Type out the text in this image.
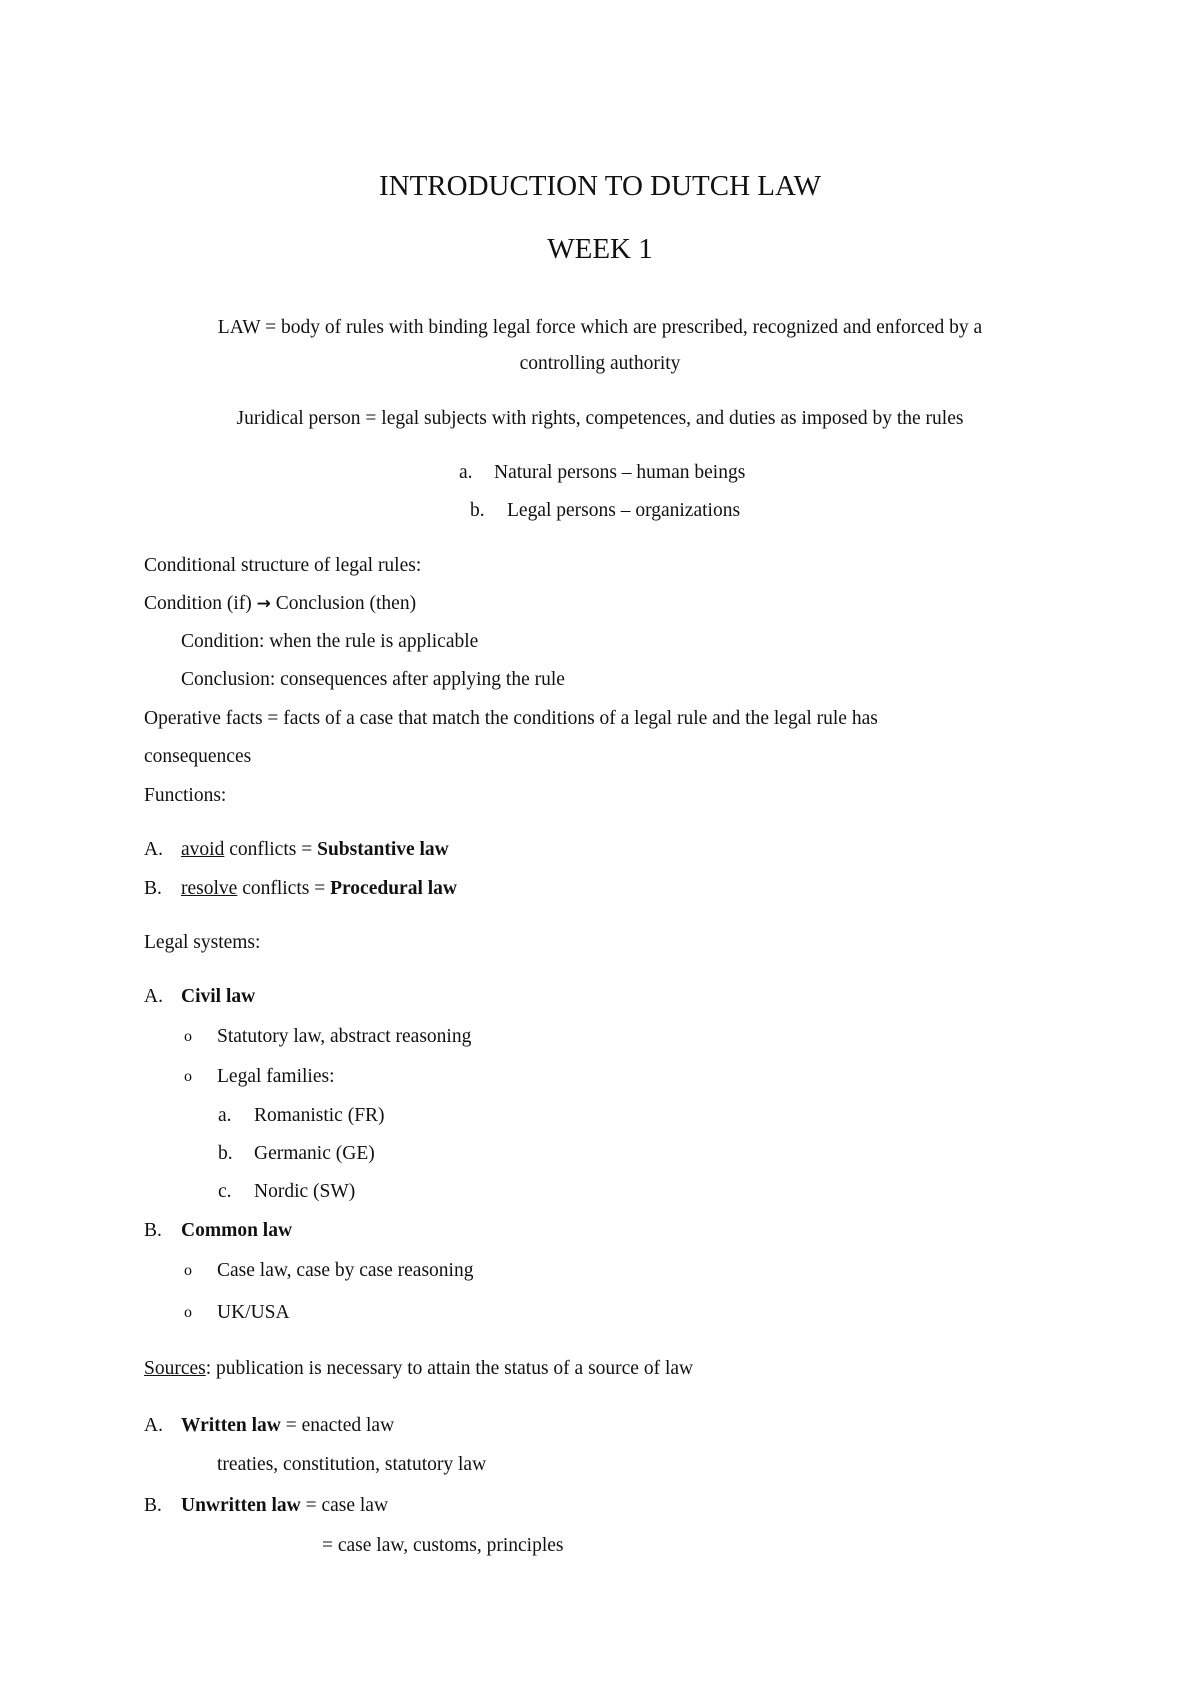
INTRODUCTION TO DUTCH LAW
WEEK 1
LAW = body of rules with binding legal force which are prescribed, recognized and enforced by a
controlling authority
Juridical person = legal subjects with rights, competences, and duties as imposed by the rules
a. Natural persons – human beings
b. Legal persons – organizations
Conditional structure of legal rules:
Condition (if) → Conclusion (then)
Condition: when the rule is applicable
Conclusion: consequences after applying the rule
Operative facts = facts of a case that match the conditions of a legal rule and the legal rule has
consequences
Functions:
A. avoid conflicts = Substantive law
B. resolve conflicts = Procedural law
Legal systems:
A. Civil law
o Statutory law, abstract reasoning
o Legal families:
a. Romanistic (FR)
b. Germanic (GE)
c. Nordic (SW)
B. Common law
o Case law, case by case reasoning
o UK/USA
Sources: publication is necessary to attain the status of a source of law
A. Written law = enacted law
treaties, constitution, statutory law
B. Unwritten law = case law
= case law, customs, principles
